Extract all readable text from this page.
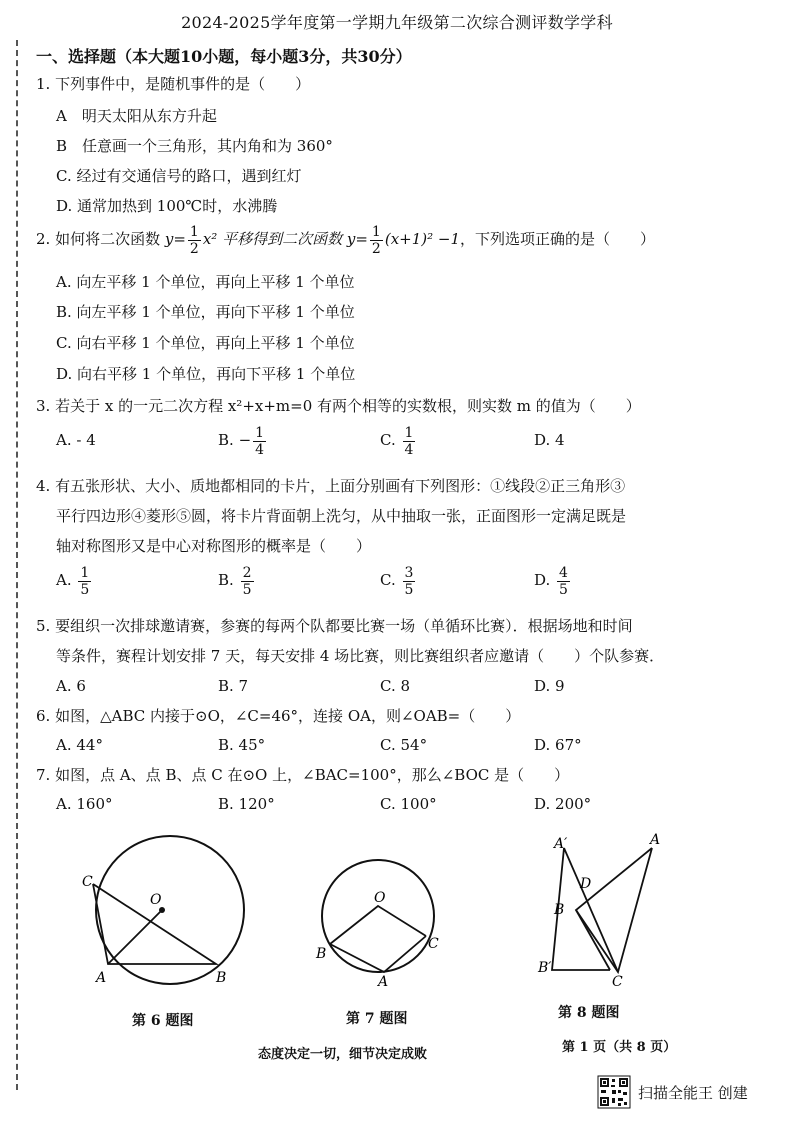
2024-2025学年度第一学期九年级第二次综合测评数学学科
一、选择题（本大题10小题，每小题3分，共30分）
1. 下列事件中，是随机事件的是（　　）
A　明天太阳从东方升起
B　任意画一个三角形，其内角和为 360°
C. 经过有交通信号的路口，遇到红灯
D. 通常加热到 100℃时，水沸腾
2. 如何将二次函数 $y= \frac{1}{2} x^2$ 平移得到二次函数 $y= \frac{1}{2} (x+1)^2 -1$，下列选项正确的是（　　）
A. 向左平移 1 个单位，再向上平移 1 个单位
B. 向左平移 1 个单位，再向下平移 1 个单位
C. 向右平移 1 个单位，再向上平移 1 个单位
D. 向右平移 1 个单位，再向下平移 1 个单位
3. 若关于 x 的一元二次方程 x²+x+m=0 有两个相等的实数根，则实数 m 的值为（　　）
A. - 4	B. − $\frac{1}{4}$	C. $\frac{1}{4}$	D. 4
4. 有五张形状、大小、质地都相同的卡片，上面分别画有下列图形：①线段②正三角形③
平行四边形④菱形⑤圆，将卡片背面朝上洗匀，从中抽取一张，正面图形一定满足既是
轴对称图形又是中心对称图形的概率是（　　）
A. $\frac{1}{5}$	B. $\frac{2}{5}$	C. $\frac{3}{5}$	D. $\frac{4}{5}$
5. 要组织一次排球邀请赛，参赛的每两个队都要比赛一场（单循环比赛）．根据场地和时间
等条件，赛程计划安排 7 天，每天安排 4 场比赛，则比赛组织者应邀请（　　）个队参赛．
A. 6	B. 7	C. 8	D. 9
6. 如图，△ABC 内接于⊙O，∠C=46°，连接 OA，则∠OAB=（　　）
A. 44°	B. 45°	C. 54°	D. ⁠67°
7. 如图，点 A、点 B、点 C 在⊙O 上，∠BAC=100°，那么∠BOC 是（　　）
A. 160°	B. 120°	C. 100°	D. 200°
C
O
A	B
第 6 题图
O
B
C
A
第 7 题图
A′	A
D
B
B′
C
第 8 题图
态度决定一切，细节决定成败	第 1 页（共 8 页）
扫描全能王 创建
